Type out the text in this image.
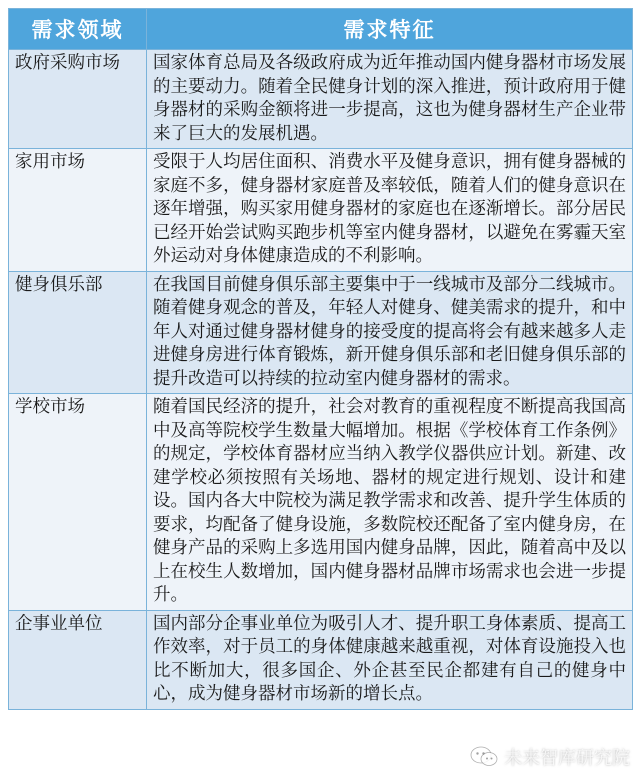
需求领域	需求特征
政府采购市场	国家体育总局及各级政府成为近年推动国内健身器材市场发展的主要动力。随着全民健身计划的深入推进，预计政府用于健身器材的采购金额将进一步提高，这也为健身器材生产企业带来了巨大的发展机遇。
家用市场	受限于人均居住面积、消费水平及健身意识，拥有健身器械的家庭不多，健身器材家庭普及率较低，随着人们的健身意识在逐年增强，购买家用健身器材的家庭也在逐渐增长。部分居民已经开始尝试购买跑步机等室内健身器材，以避免在雾霾天室外运动对身体健康造成的不利影响。
健身俱乐部	在我国目前健身俱乐部主要集中于一线城市及部分二线城市。随着健身观念的普及，年轻人对健身、健美需求的提升，和中年人对通过健身器材健身的接受度的提高将会有越来越多人走进健身房进行体育锻炼，新开健身俱乐部和老旧健身俱乐部的提升改造可以持续的拉动室内健身器材的需求。
学校市场	随着国民经济的提升，社会对教育的重视程度不断提高我国高中及高等院校学生数量大幅增加。根据《学校体育工作条例》的规定，学校体育器材应当纳入教学仪器供应计划。新建、改建学校必须按照有关场地、器材的规定进行规划、设计和建设。国内各大中院校为满足教学需求和改善、提升学生体质的要求，均配备了健身设施，多数院校还配备了室内健身房，在健身产品的采购上多选用国内健身品牌，因此，随着高中及以上在校生人数增加，国内健身器材品牌市场需求也会进一步提升。
企事业单位	国内部分企事业单位为吸引人才、提升职工身体素质、提高工作效率，对于员工的身体健康越来越重视，对体育设施投入也比不断加大，很多国企、外企甚至民企都建有自己的健身中心，成为健身器材市场新的增长点。
未来智库研究院
